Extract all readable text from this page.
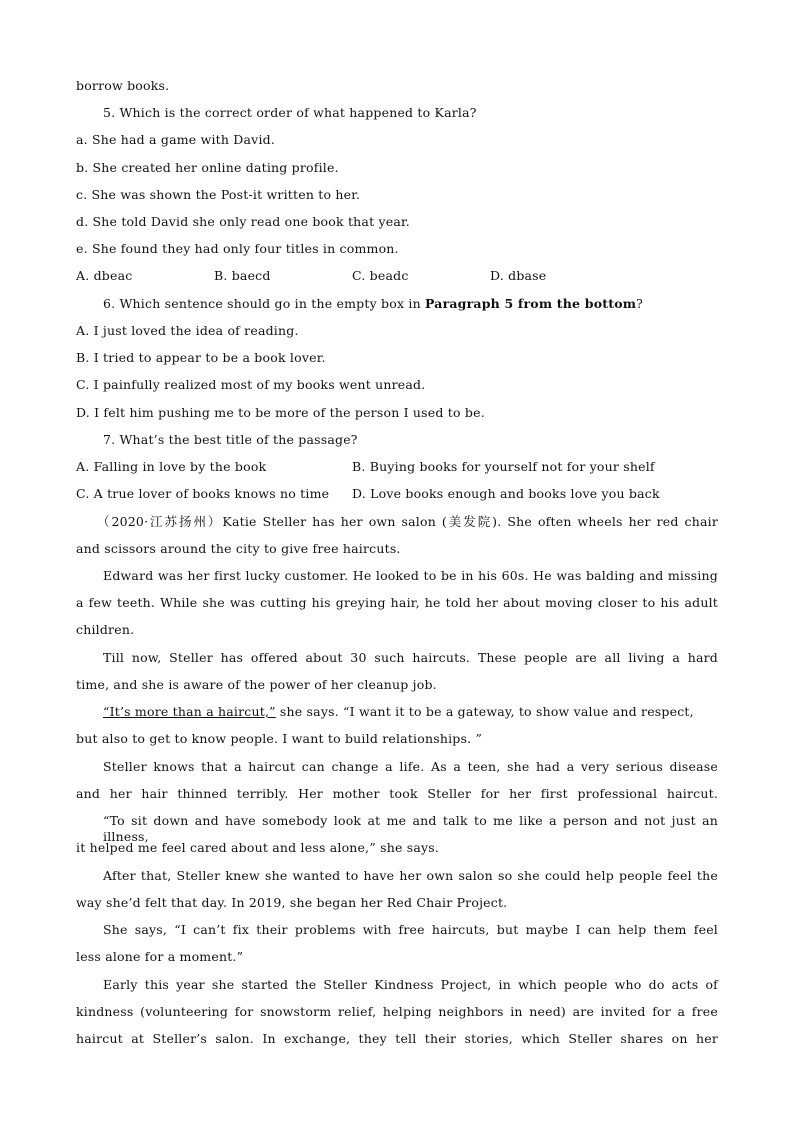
borrow books.
5. Which is the correct order of what happened to Karla?
a. She had a game with David.
b. She created her online dating profile.
c. She was shown the Post-it written to her.
d. She told David she only read one book that year.
e. She found they had only four titles in common.
A. dbeac	B. baecd	C. beadc	D. dbase
6. Which sentence should go in the empty box in Paragraph 5 from the bottom?
A. I just loved the idea of reading.
B. I tried to appear to be a book lover.
C. I painfully realized most of my books went unread.
D. I felt him pushing me to be more of the person I used to be.
7. What’s the best title of the passage?
A. Falling in love by the book	B. Buying books for yourself not for your shelf
C. A true lover of books knows no time D. Love books enough and books love you back
（2020·江苏扬州）Katie Steller has her own salon (美发院). She often wheels her red chair
and scissors around the city to give free haircuts.
Edward was her first lucky customer. He looked to be in his 60s. He was balding and missing
a few teeth. While she was cutting his greying hair, he told her about moving closer to his adult
children.
Till now, Steller has offered about 30 such haircuts. These people are all living a hard
time, and she is aware of the power of her cleanup job.
“It’s more than a haircut,” she says. “I want it to be a gateway, to show value and respect,
but also to get to know people. I want to build relationships. ”
Steller knows that a haircut can change a life. As a teen, she had a very serious disease
and her hair thinned terribly. Her mother took Steller for her first professional haircut.
“To sit down and have somebody look at me and talk to me like a person and not just an illness,
it helped me feel cared about and less alone,” she says.
After that, Steller knew she wanted to have her own salon so she could help people feel the
way she’d felt that day. In 2019, she began her Red Chair Project.
She says, “I can’t fix their problems with free haircuts, but maybe I can help them feel
less alone for a moment.”
Early this year she started the Steller Kindness Project, in which people who do acts of
kindness (volunteering for snowstorm relief, helping neighbors in need) are invited for a free
haircut at Steller’s salon. In exchange, they tell their stories, which Steller shares on her
